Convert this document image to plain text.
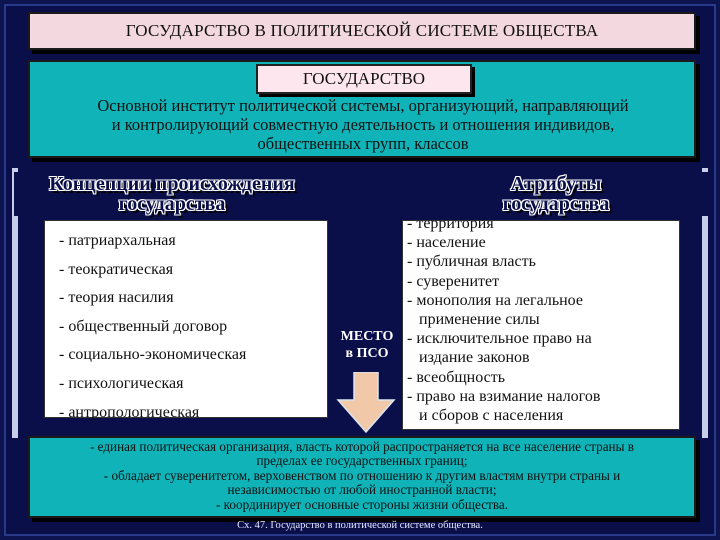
ГОСУДАРСТВО В ПОЛИТИЧЕСКОЙ СИСТЕМЕ ОБЩЕСТВА
ГОСУДАРСТВО
Основной институт политической системы, организующий, направляющий
и контролирующий совместную деятельность и отношения индивидов,
общественных групп, классов
Концепции происхождения
государства
Атрибуты
государства
- патриархальная
- теократическая
- теория насилия
- общественный договор
- социально-экономическая
- психологическая
- антропологическая
- территория
- население
- публичная власть
- суверенитет
- монополия на легальное
применение силы
- исключительное право на
издание законов
- всеобщность
- право на взимание налогов
и сборов с населения
МЕСТО
в ПСО
- единая политическая организация, власть которой распространяется на все население страны в
пределах ее государственных границ;
- обладает суверенитетом, верховенством по отношению к другим властям внутри страны и
независимостью от любой иностранной власти;
- координирует основные стороны жизни общества.
Сх. 47. Государство в политической системе общества.
